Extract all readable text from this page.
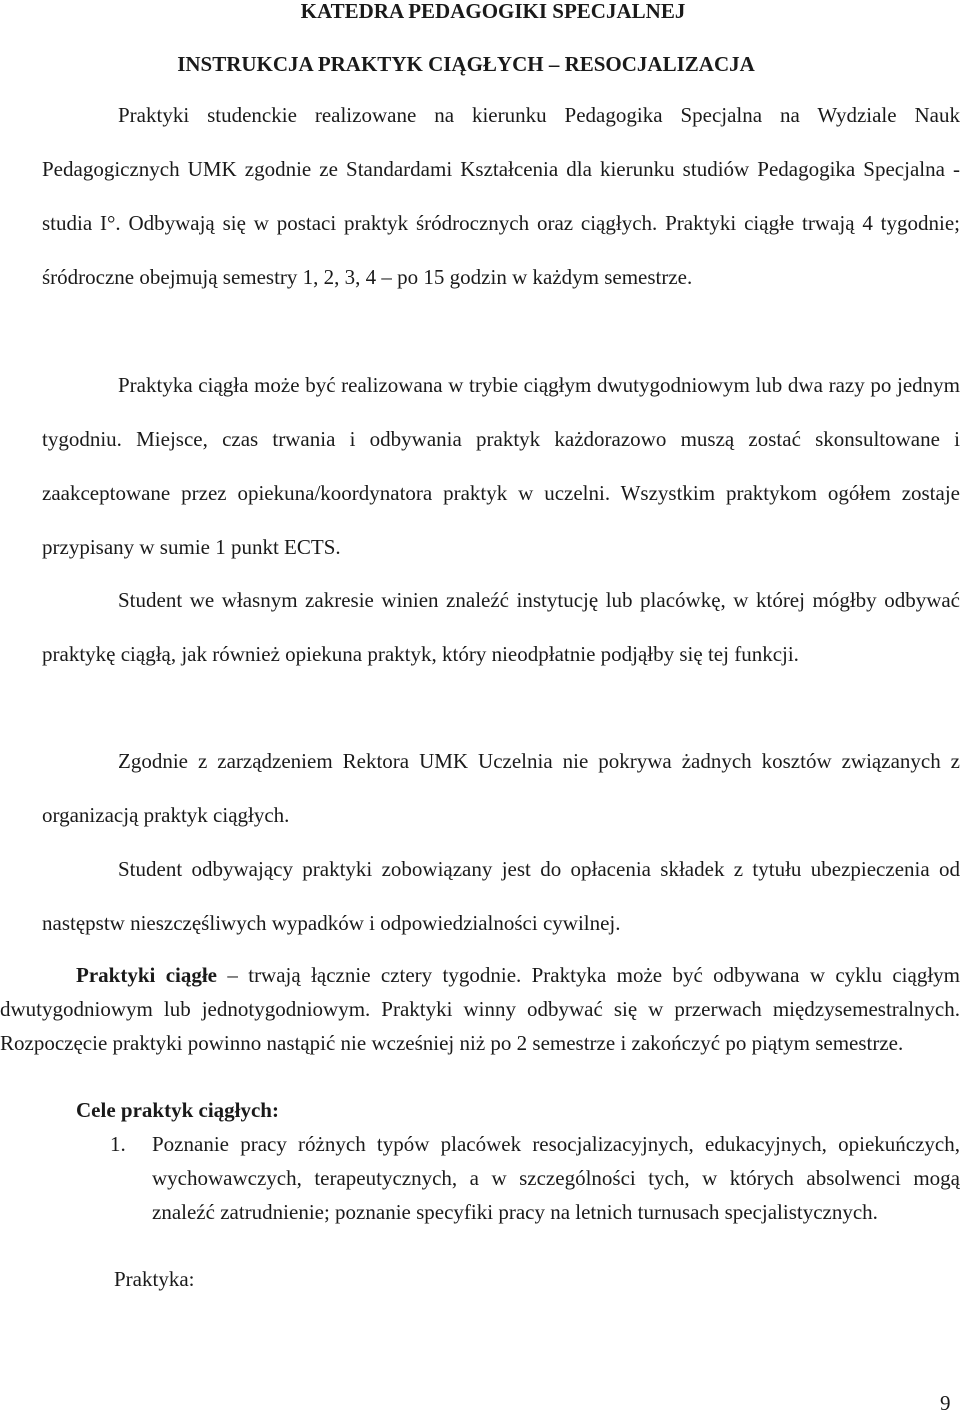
KATEDRA PEDAGOGIKI SPECJALNEJ

INSTRUKCJA PRAKTYK CIĄGŁYCH – RESOCJALIZACJA

Praktyki studenckie realizowane na kierunku Pedagogika Specjalna na Wydziale Nauk Pedagogicznych UMK zgodnie ze Standardami Kształcenia dla kierunku studiów Pedagogika Specjalna - studia I°. Odbywają się w postaci praktyk śródrocznych oraz ciągłych. Praktyki ciągłe trwają 4 tygodnie; śródroczne obejmują semestry 1, 2, 3, 4 – po 15 godzin w każdym semestrze.

Praktyka ciągła może być realizowana w trybie ciągłym dwutygodniowym lub dwa razy po jednym tygodniu. Miejsce, czas trwania i odbywania praktyk każdorazowo muszą zostać skonsultowane i zaakceptowane przez opiekuna/koordynatora praktyk w uczelni. Wszystkim praktykom ogółem zostaje przypisany w sumie 1 punkt ECTS.

Student we własnym zakresie winien znaleźć instytucję lub placówkę, w której mógłby odbywać praktykę ciągłą, jak również opiekuna praktyk, który nieodpłatnie podjąłby się tej funkcji.

Zgodnie z zarządzeniem Rektora UMK Uczelnia nie pokrywa żadnych kosztów związanych z organizacją praktyk ciągłych.

Student odbywający praktyki zobowiązany jest do opłacenia składek z tytułu ubezpieczenia od następstw nieszczęśliwych wypadków i odpowiedzialności cywilnej.

Praktyki ciągłe – trwają łącznie cztery tygodnie. Praktyka może być odbywana w cyklu ciągłym dwutygodniowym lub jednotygodniowym. Praktyki winny odbywać się w przerwach międzysemestralnych. Rozpoczęcie praktyki powinno nastąpić nie wcześniej niż po 2 semestrze i zakończyć po piątym semestrze.

Cele praktyk ciągłych:

1. Poznanie pracy różnych typów placówek resocjalizacyjnych, edukacyjnych, opiekuńczych, wychowawczych, terapeutycznych, a w szczególności tych, w których absolwenci mogą znaleźć zatrudnienie; poznanie specyfiki pracy na letnich turnusach specjalistycznych.

Praktyka:

9
